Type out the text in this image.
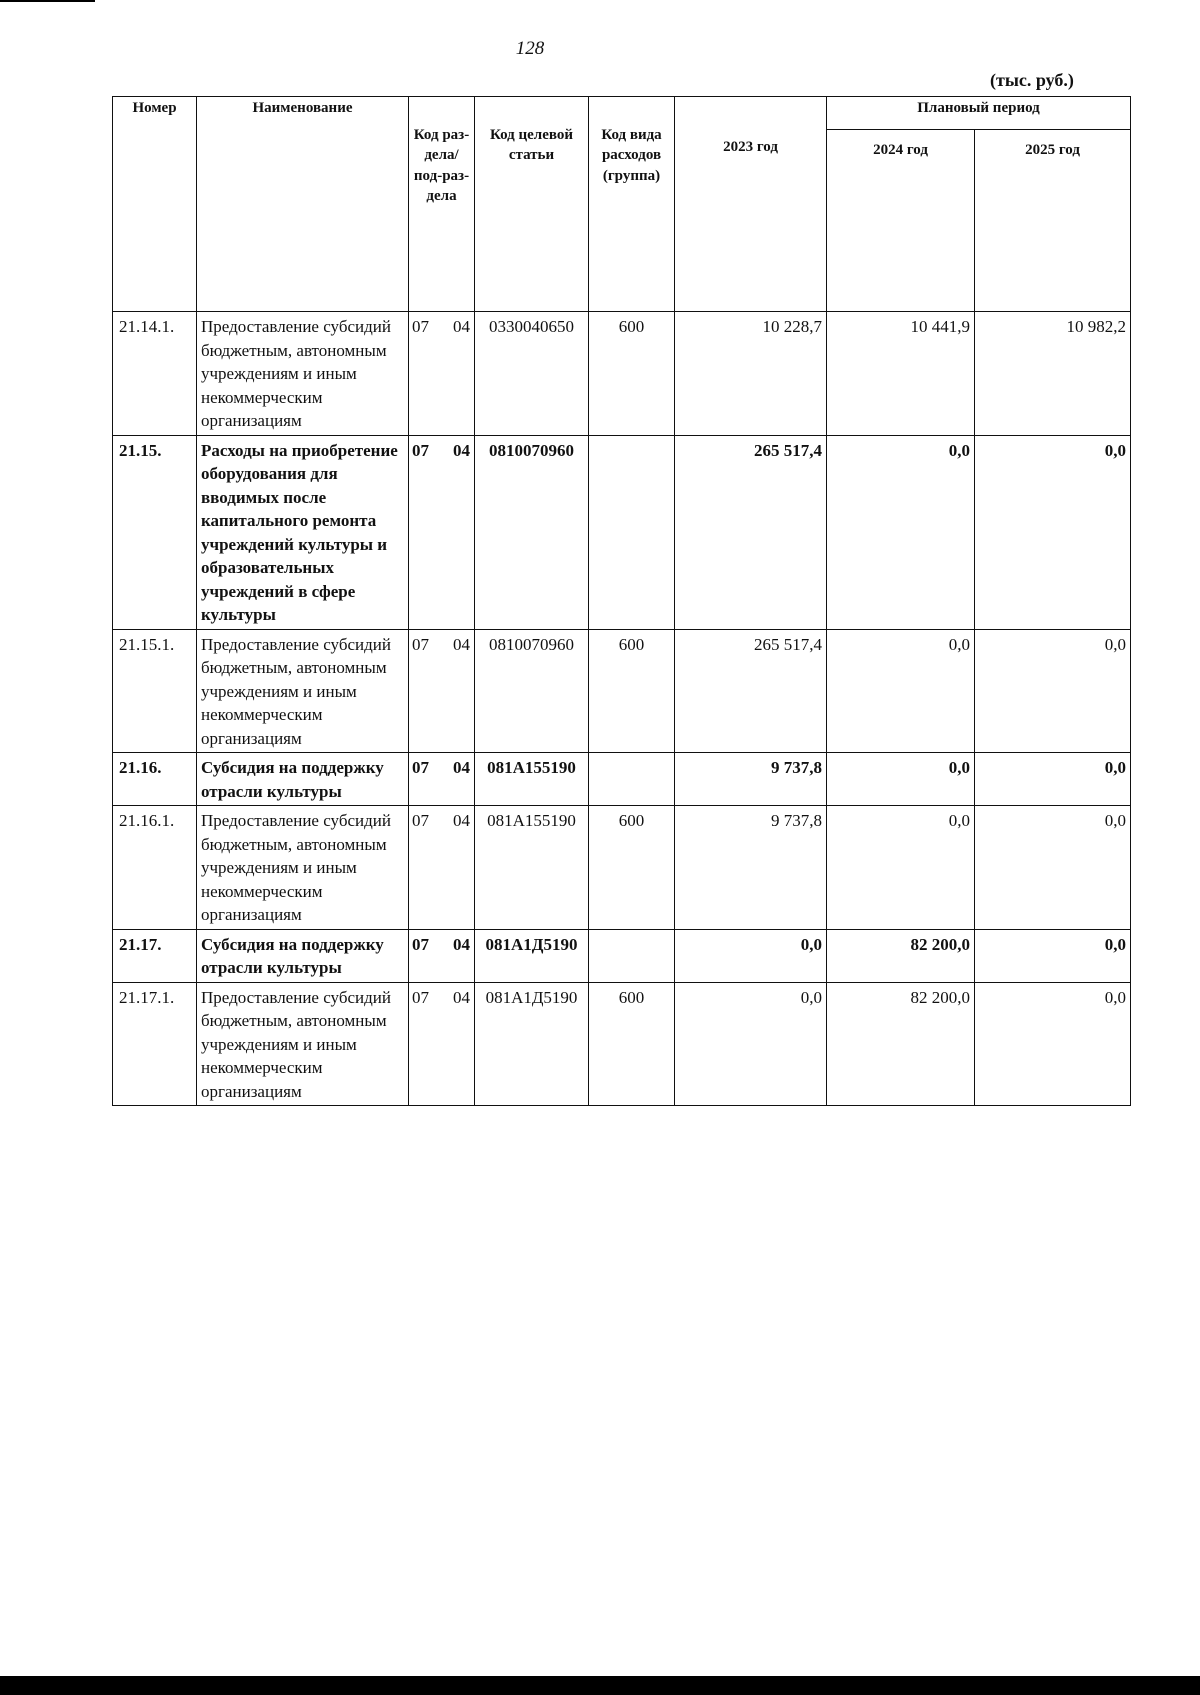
128
(тыс. руб.)
Номер	Наименование	Код раз-дела/ под-раз-дела	Код целевой статьи	Код вида расходов (группа)	2023 год	Плановый период	
						2024 год	2025 год
21.14.1.	Предоставление субсидий бюджетным, автономным учреждениям и иным некоммерческим организациям	07 04	0330040650	600	10 228,7	10 441,9	10 982,2
21.15.	Расходы на приобретение оборудования для вводимых после капитального ремонта учреждений культуры и образовательных учреждений в сфере культуры	07 04	0810070960		265 517,4	0,0	0,0
21.15.1.	Предоставление субсидий бюджетным, автономным учреждениям и иным некоммерческим организациям	07 04	0810070960	600	265 517,4	0,0	0,0
21.16.	Субсидия на поддержку отрасли культуры	07 04	081A155190		9 737,8	0,0	0,0
21.16.1.	Предоставление субсидий бюджетным, автономным учреждениям и иным некоммерческим организациям	07 04	081A155190	600	9 737,8	0,0	0,0
21.17.	Субсидия на поддержку отрасли культуры	07 04	081A1Д5190		0,0	82 200,0	0,0
21.17.1.	Предоставление субсидий бюджетным, автономным учреждениям и иным некоммерческим организациям	07 04	081A1Д5190	600	0,0	82 200,0	0,0
